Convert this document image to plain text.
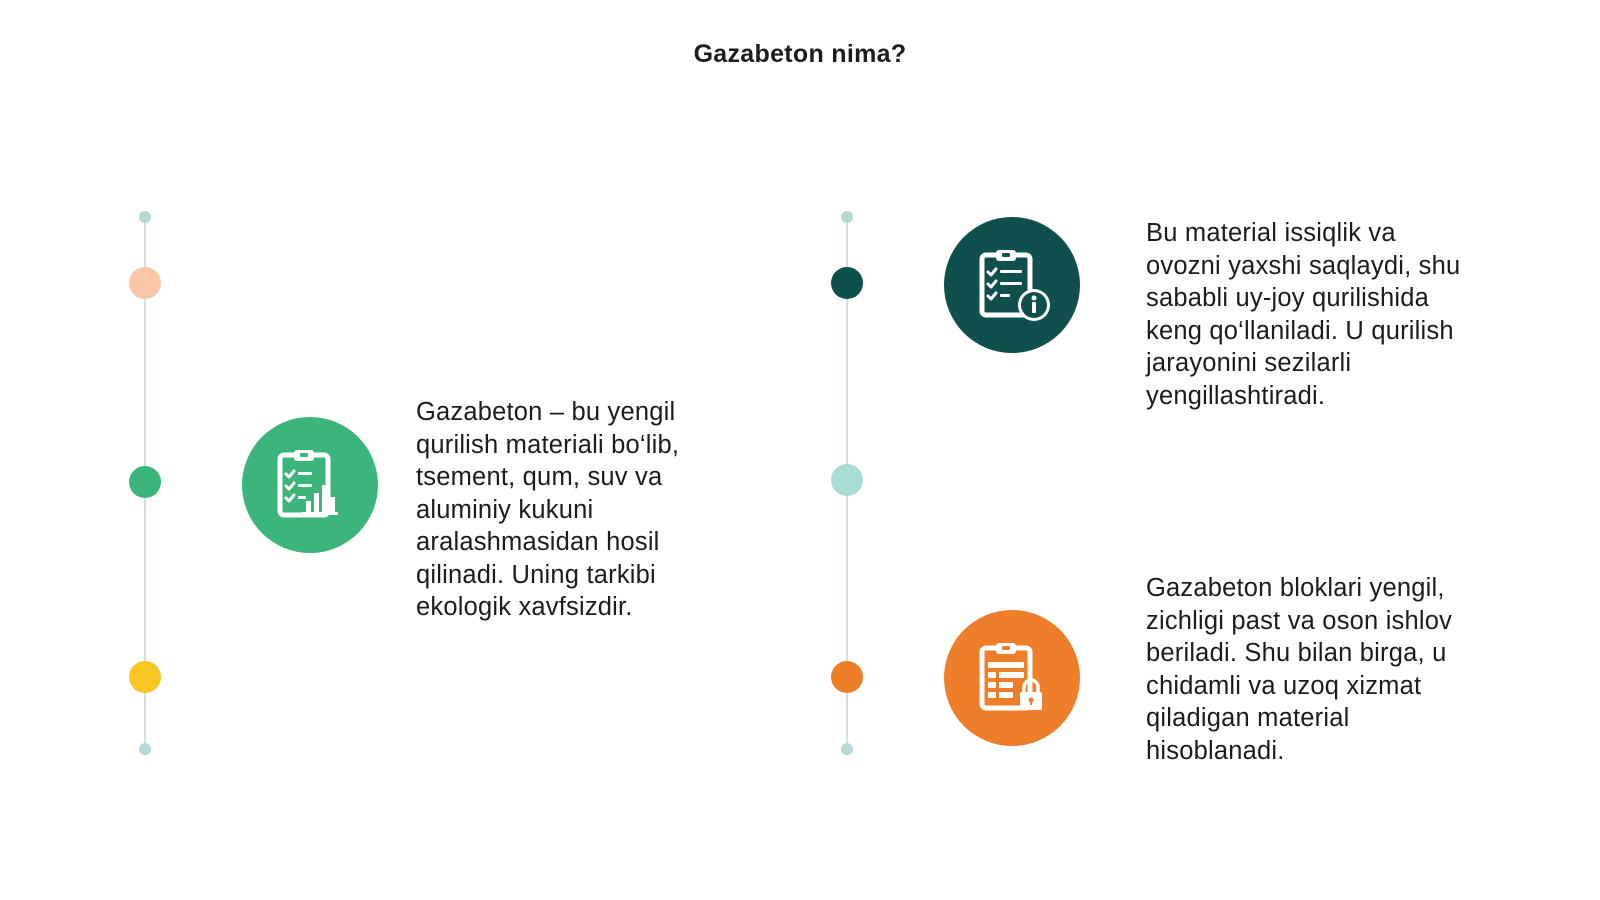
Gazabeton nima?
Gazabeton – bu yengil
qurilish materiali bo‘lib,
tsement, qum, suv va
aluminiy kukuni
aralashmasidan hosil
qilinadi. Uning tarkibi
ekologik xavfsizdir.
Bu material issiqlik va
ovozni yaxshi saqlaydi, shu
sababli uy-joy qurilishida
keng qo‘llaniladi. U qurilish
jarayonini sezilarli
yengillashtiradi.
Gazabeton bloklari yengil,
zichligi past va oson ishlov
beriladi. Shu bilan birga, u
chidamli va uzoq xizmat
qiladigan material
hisoblanadi.
